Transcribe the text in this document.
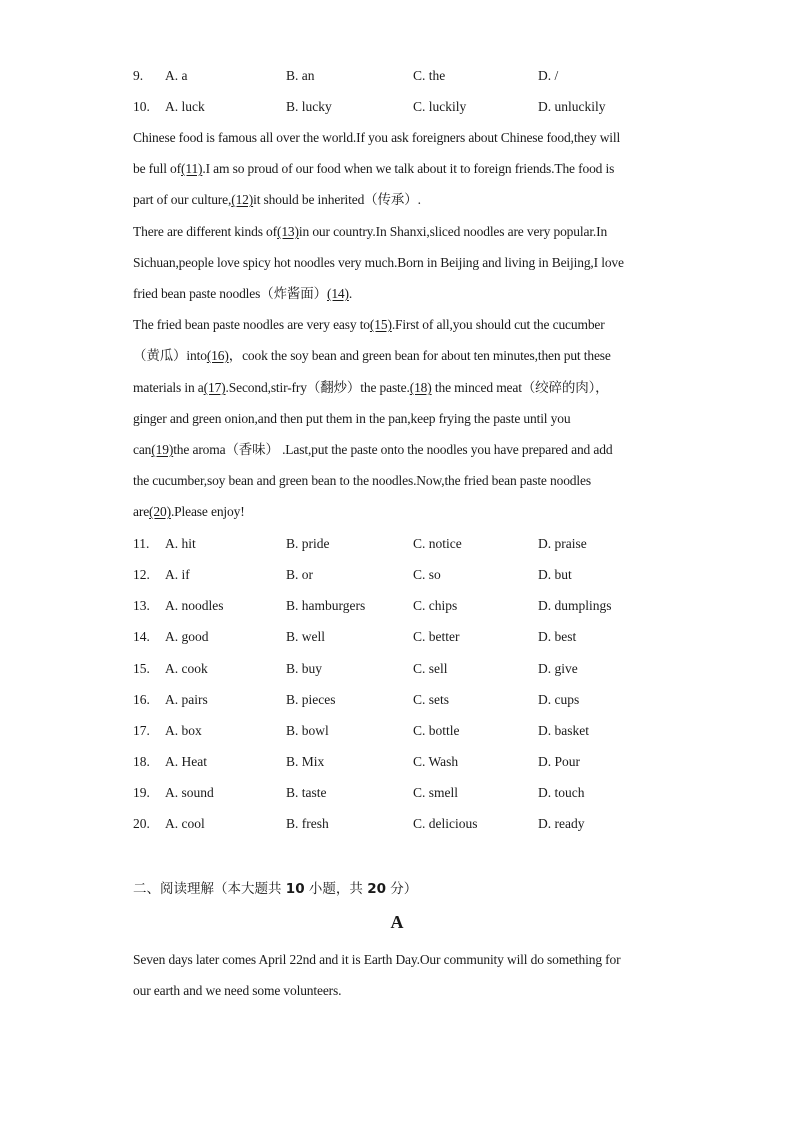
9. A. a	B. an	C. the	D. /
10. A. luck	B. lucky	C. luckily	D. unluckily
Chinese food is famous all over the world.If you ask foreigners about Chinese food,they will
be full of(11).I am so proud of our food when we talk about it to foreign friends.The food is
part of our culture,(12)it should be inherited（传承）.
There are different kinds of(13)in our country.In Shanxi,sliced noodles are very popular.In
Sichuan,people love spicy hot noodles very much.Born in Beijing and living in Beijing,I love
fried bean paste noodles（炸酱面）(14).
The fried bean paste noodles are very easy to(15).First of all,you should cut the cucumber
（黄瓜）into(16)，cook the soy bean and green bean for about ten minutes,then put these
materials in a(17).Second,stir-fry（翻炒）the paste.(18) the minced meat（绞碎的肉），
ginger and green onion,and then put them in the pan,keep frying the paste until you
can(19)the aroma（香味） .Last,put the paste onto the noodles you have prepared and add
the cucumber,soy bean and green bean to the noodles.Now,the fried bean paste noodles
are(20).Please enjoy!
11. A. hit	B. pride	C. notice	D. praise
12. A. if	B. or	C. so	D. but
13. A. noodles	B. hamburgers	C. chips	D. dumplings
14. A. good	B. well	C. better	D. best
15. A. cook	B. buy	C. sell	D. give
16. A. pairs	B. pieces	C. sets	D. cups
17. A. box	B. bowl	C. bottle	D. basket
18. A. Heat	B. Mix	C. Wash	D. Pour
19. A. sound	B. taste	C. smell	D. touch
20. A. cool	B. fresh	C. delicious	D. ready
二、阅读理解（本大题共 10 小题，共 20 分）
A
Seven days later comes April 22nd and it is Earth Day.Our community will do something for
our earth and we need some volunteers.
